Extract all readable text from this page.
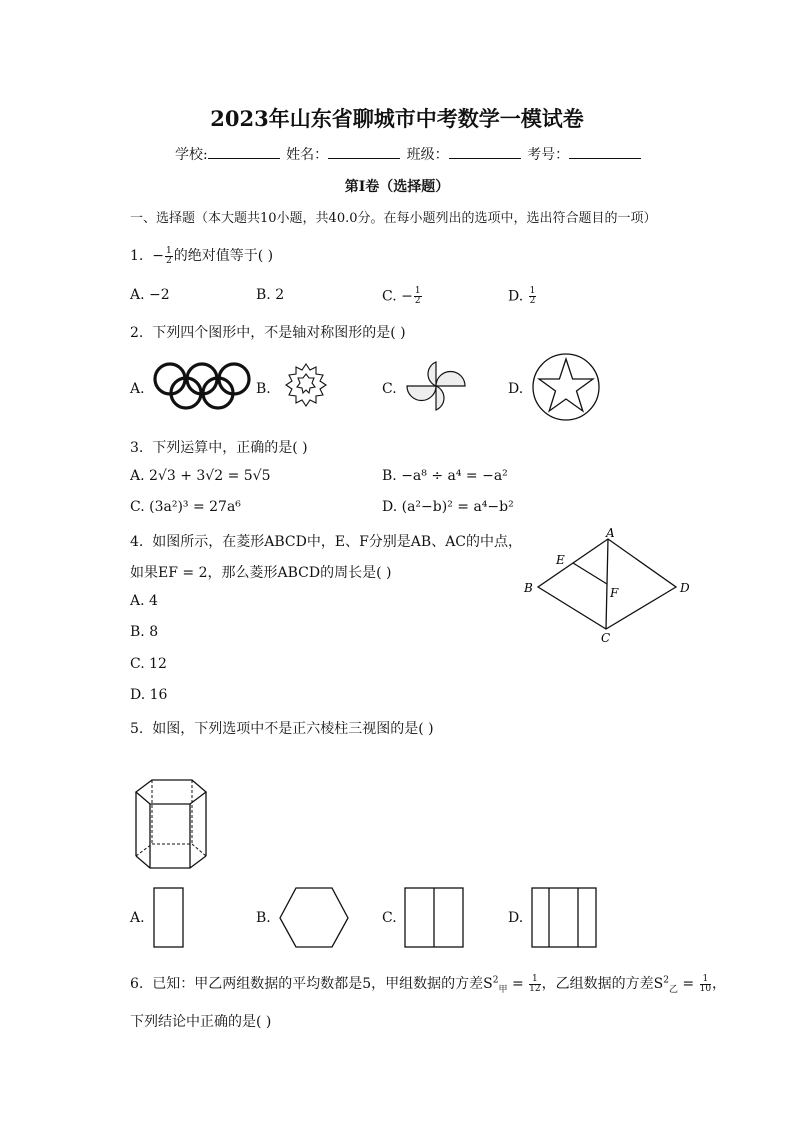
2023年山东省聊城市中考数学一模试卷
学校:	姓名：	班级：	考号：
第I卷（选择题）
一、选择题（本大题共10小题，共40.0分。在每小题列出的选项中，选出符合题目的一项）
1. − $\frac{1}{2}$ 的绝对值等于( )
A. −2	B. 2	C. − $\frac{1}{2}$	D. $\frac{1}{2}$
2. 下列四个图形中，不是轴对称图形的是( )
A.	B.	C.	D.
3. 下列运算中，正确的是( )
A. 2√3 + 3√2 = 5√5	B. −a⁸ ÷ a⁴ = −a²
C. (3a²)³ = 27a⁶	D. (a²−b)² = a⁴−b²
4. 如图所示，在菱形ABCD中，E、F分别是AB、AC的中点，
如果EF = 2，那么菱形ABCD的周长是( )
A. 4
B. 8
C. 12
D. 16
A
B
C
D
E
F
5. 如图，下列选项中不是正六棱柱三视图的是( )
A.	B.	C.	D.
6. 已知：甲乙两组数据的平均数都是5，甲组数据的方差$S^2_甲 = \frac{1}{12}$ ，乙组数据的方差$S^2_乙 = \frac{1}{10}$ ，
下列结论中正确的是( )
